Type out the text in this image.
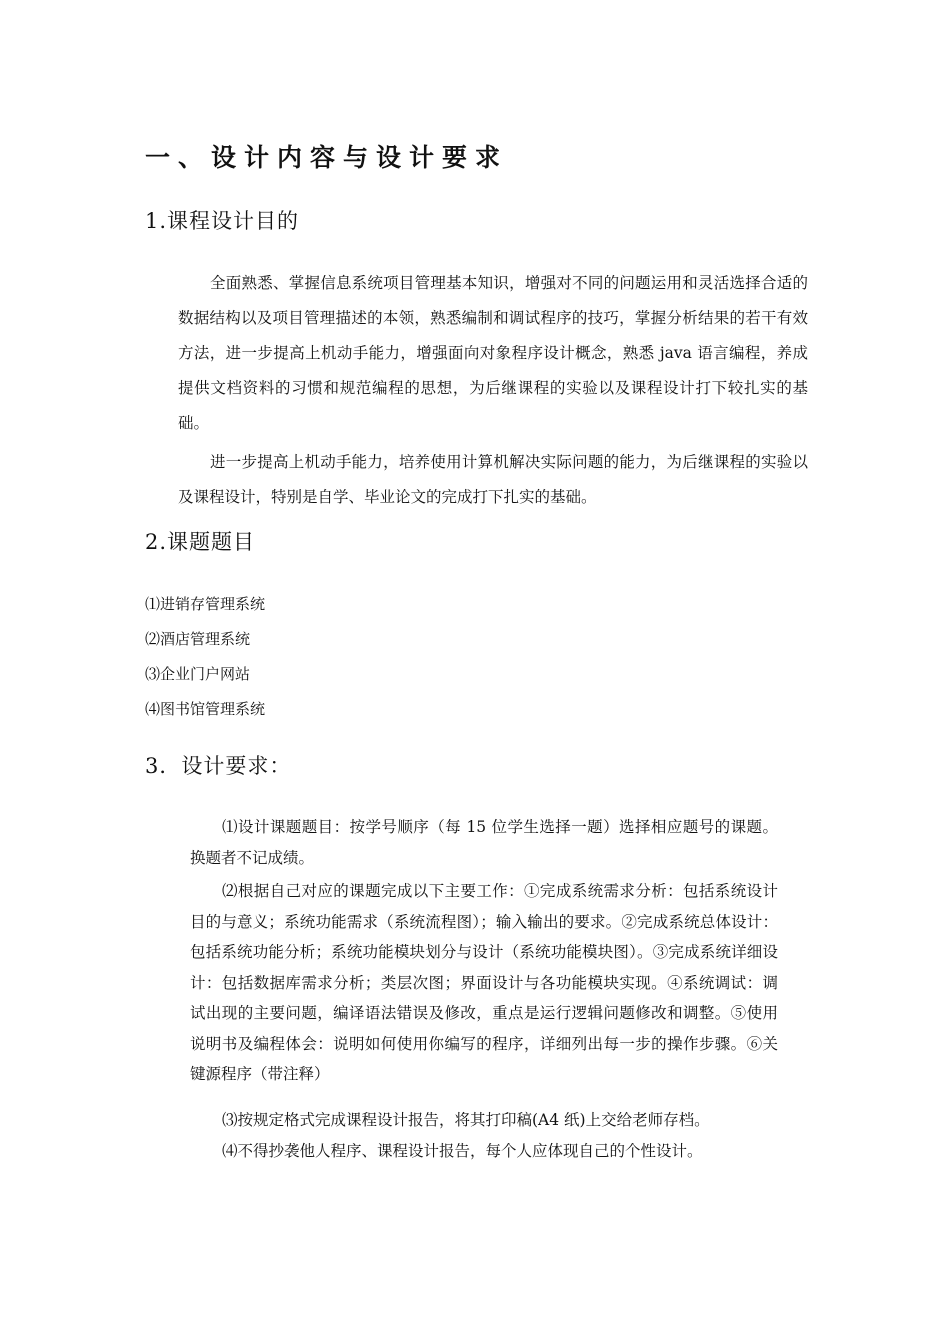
一、设计内容与设计要求
1.课程设计目的
全面熟悉、掌握信息系统项目管理基本知识，增强对不同的问题运用和灵活选择合适的数据结构以及项目管理描述的本领，熟悉编制和调试程序的技巧，掌握分析结果的若干有效方法，进一步提高上机动手能力，增强面向对象程序设计概念，熟悉 java 语言编程，养成提供文档资料的习惯和规范编程的思想，为后继课程的实验以及课程设计打下较扎实的基础。
进一步提高上机动手能力，培养使用计算机解决实际问题的能力，为后继课程的实验以及课程设计，特别是自学、毕业论文的完成打下扎实的基础。
2.课题题目
⑴进销存管理系统
⑵酒店管理系统
⑶企业门户网站
⑷图书馆管理系统
3．设计要求：
⑴设计课题题目：按学号顺序（每 15 位学生选择一题）选择相应题号的课题。换题者不记成绩。
⑵根据自己对应的课题完成以下主要工作：①完成系统需求分析：包括系统设计目的与意义；系统功能需求（系统流程图）；输入输出的要求。②完成系统总体设计：包括系统功能分析；系统功能模块划分与设计（系统功能模块图）。③完成系统详细设计：包括数据库需求分析；类层次图；界面设计与各功能模块实现。④系统调试：调试出现的主要问题，编译语法错误及修改，重点是运行逻辑问题修改和调整。⑤使用说明书及编程体会：说明如何使用你编写的程序，详细列出每一步的操作步骤。⑥关键源程序（带注释）
⑶按规定格式完成课程设计报告，将其打印稿(A4 纸)上交给老师存档。
⑷不得抄袭他人程序、课程设计报告，每个人应体现自己的个性设计。
